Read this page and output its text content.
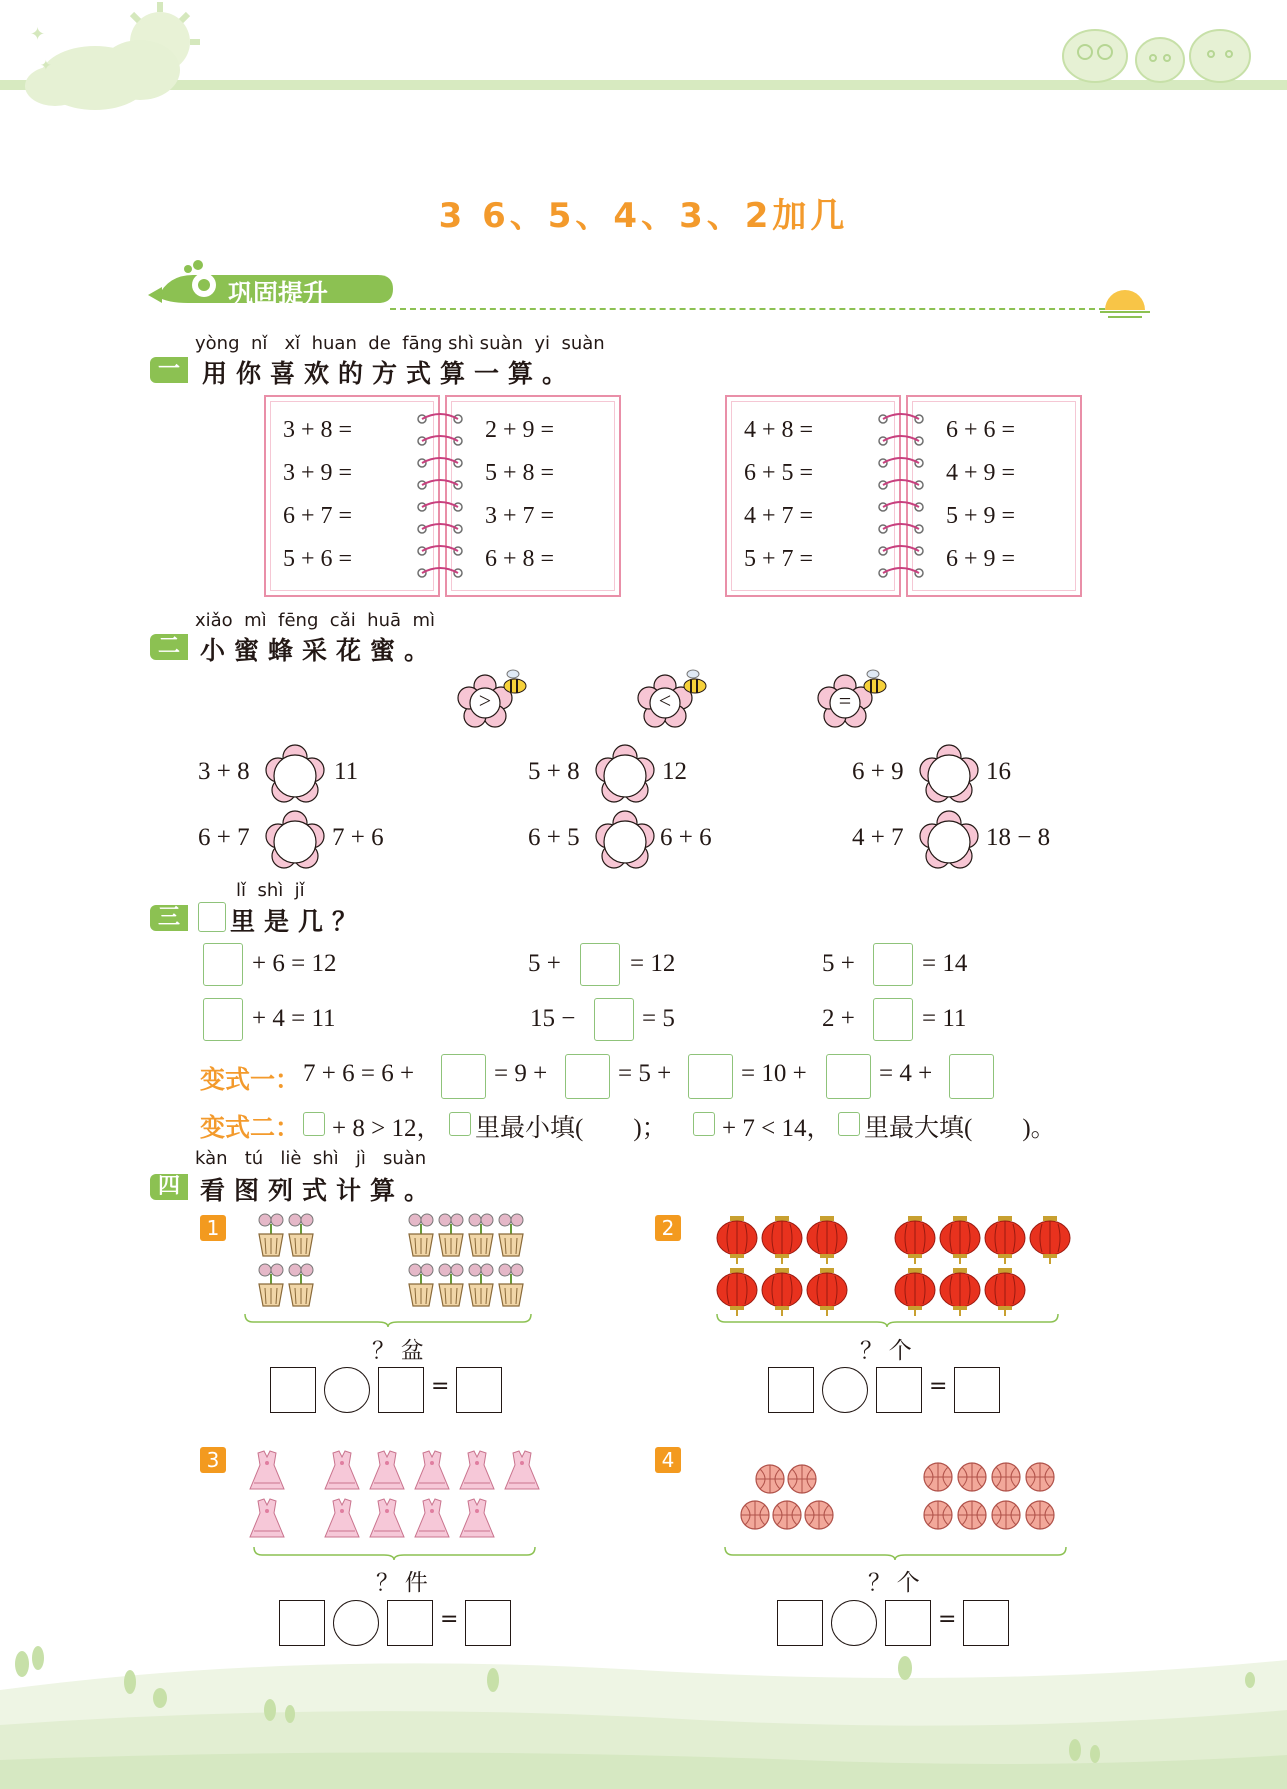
✦
✦
3 6、5、4、3、2加几
巩固提升
yòng  nǐ   xǐ  huan  de  fāng shì suàn  yi  suàn
一 用你喜欢的方式算一算。
3 + 8 =
3 + 9 =
6 + 7 =
5 + 6 =
2 + 9 =
5 + 8 =
3 + 7 =
6 + 8 =
4 + 8 =
6 + 5 =
4 + 7 =
5 + 7 =
6 + 6 =
4 + 9 =
5 + 9 =
6 + 9 =
xiǎo  mì  fēng  cǎi  huā  mì
二 小蜜蜂采花蜜。
>	<	=
3 + 8	11	5 + 8	12	6 + 9	16
6 + 7	7 + 6	6 + 5	6 + 6	4 + 7	18 − 8
lǐ  shì  jǐ
三	里是几？
+ 6 = 12	5 +	= 12	5 +	= 14
+ 4 = 11	15 −	= 5	2 +	= 11
变式一： 7 + 6 = 6 +	= 9 +	= 5 +	= 10 +	= 4 +
变式二： + 8 > 12， 里最小填(        )； + 7 < 14， 里最大填(        )。
kàn   tú   liè  shì   jì   suàn
四 看图列式计算。
1
？ 盆
=
2
？ 个
=
3
？ 件
=
4
？ 个
=
